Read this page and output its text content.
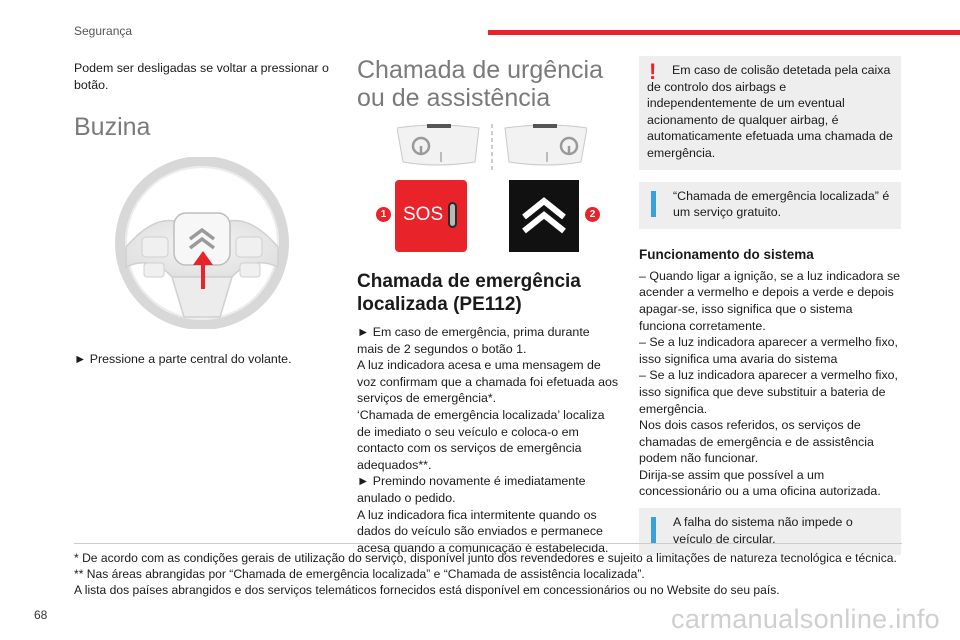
Segurança

Podem ser desligadas se voltar a pressionar o botão.

Buzina

► Pressione a parte central do volante.

Chamada de urgência ou de assistência
1 SOS	2
Chamada de emergência localizada (PE112)

► Em caso de emergência, prima durante mais de 2 segundos o botão 1.

A luz indicadora acesa e uma mensagem de voz confirmam que a chamada foi efetuada aos serviços de emergência*.

‘Chamada de emergência localizada’ localiza de imediato o seu veículo e coloca-o em contacto com os serviços de emergência adequados**.

► Premindo novamente é imediatamente anulado o pedido.

A luz indicadora fica intermitente quando os dados do veículo são enviados e permanece acesa quando a comunicação é estabelecida.

!	Em caso de colisão detetada pela caixa de controlo dos airbags e independentemente de um eventual acionamento de qualquer airbag, é automaticamente efetuada uma chamada de emergência.
“Chamada de emergência localizada” é um serviço gratuito.
Funcionamento do sistema

– Quando ligar a ignição, se a luz indicadora se acender a vermelho e depois a verde e depois apagar-se, isso significa que o sistema funciona corretamente.

– Se a luz indicadora aparecer a vermelho fixo, isso significa uma avaria do sistema

– Se a luz indicadora aparecer a vermelho fixo, isso significa que deve substituir a bateria de emergência.

Nos dois casos referidos, os serviços de chamadas de emergência e de assistência podem não funcionar.

Dirija-se assim que possível a um concessionário ou a uma oficina autorizada.

A falha do sistema não impede o veículo de circular.
* De acordo com as condições gerais de utilização do serviço, disponível junto dos revendedores e sujeito a limitações de natureza tecnológica e técnica.
** Nas áreas abrangidas por “Chamada de emergência localizada” e “Chamada de assistência localizada”.
A lista dos países abrangidos e dos serviços telemáticos fornecidos está disponível em concessionários ou no Website do seu país.
68	carmanualsonline.info
